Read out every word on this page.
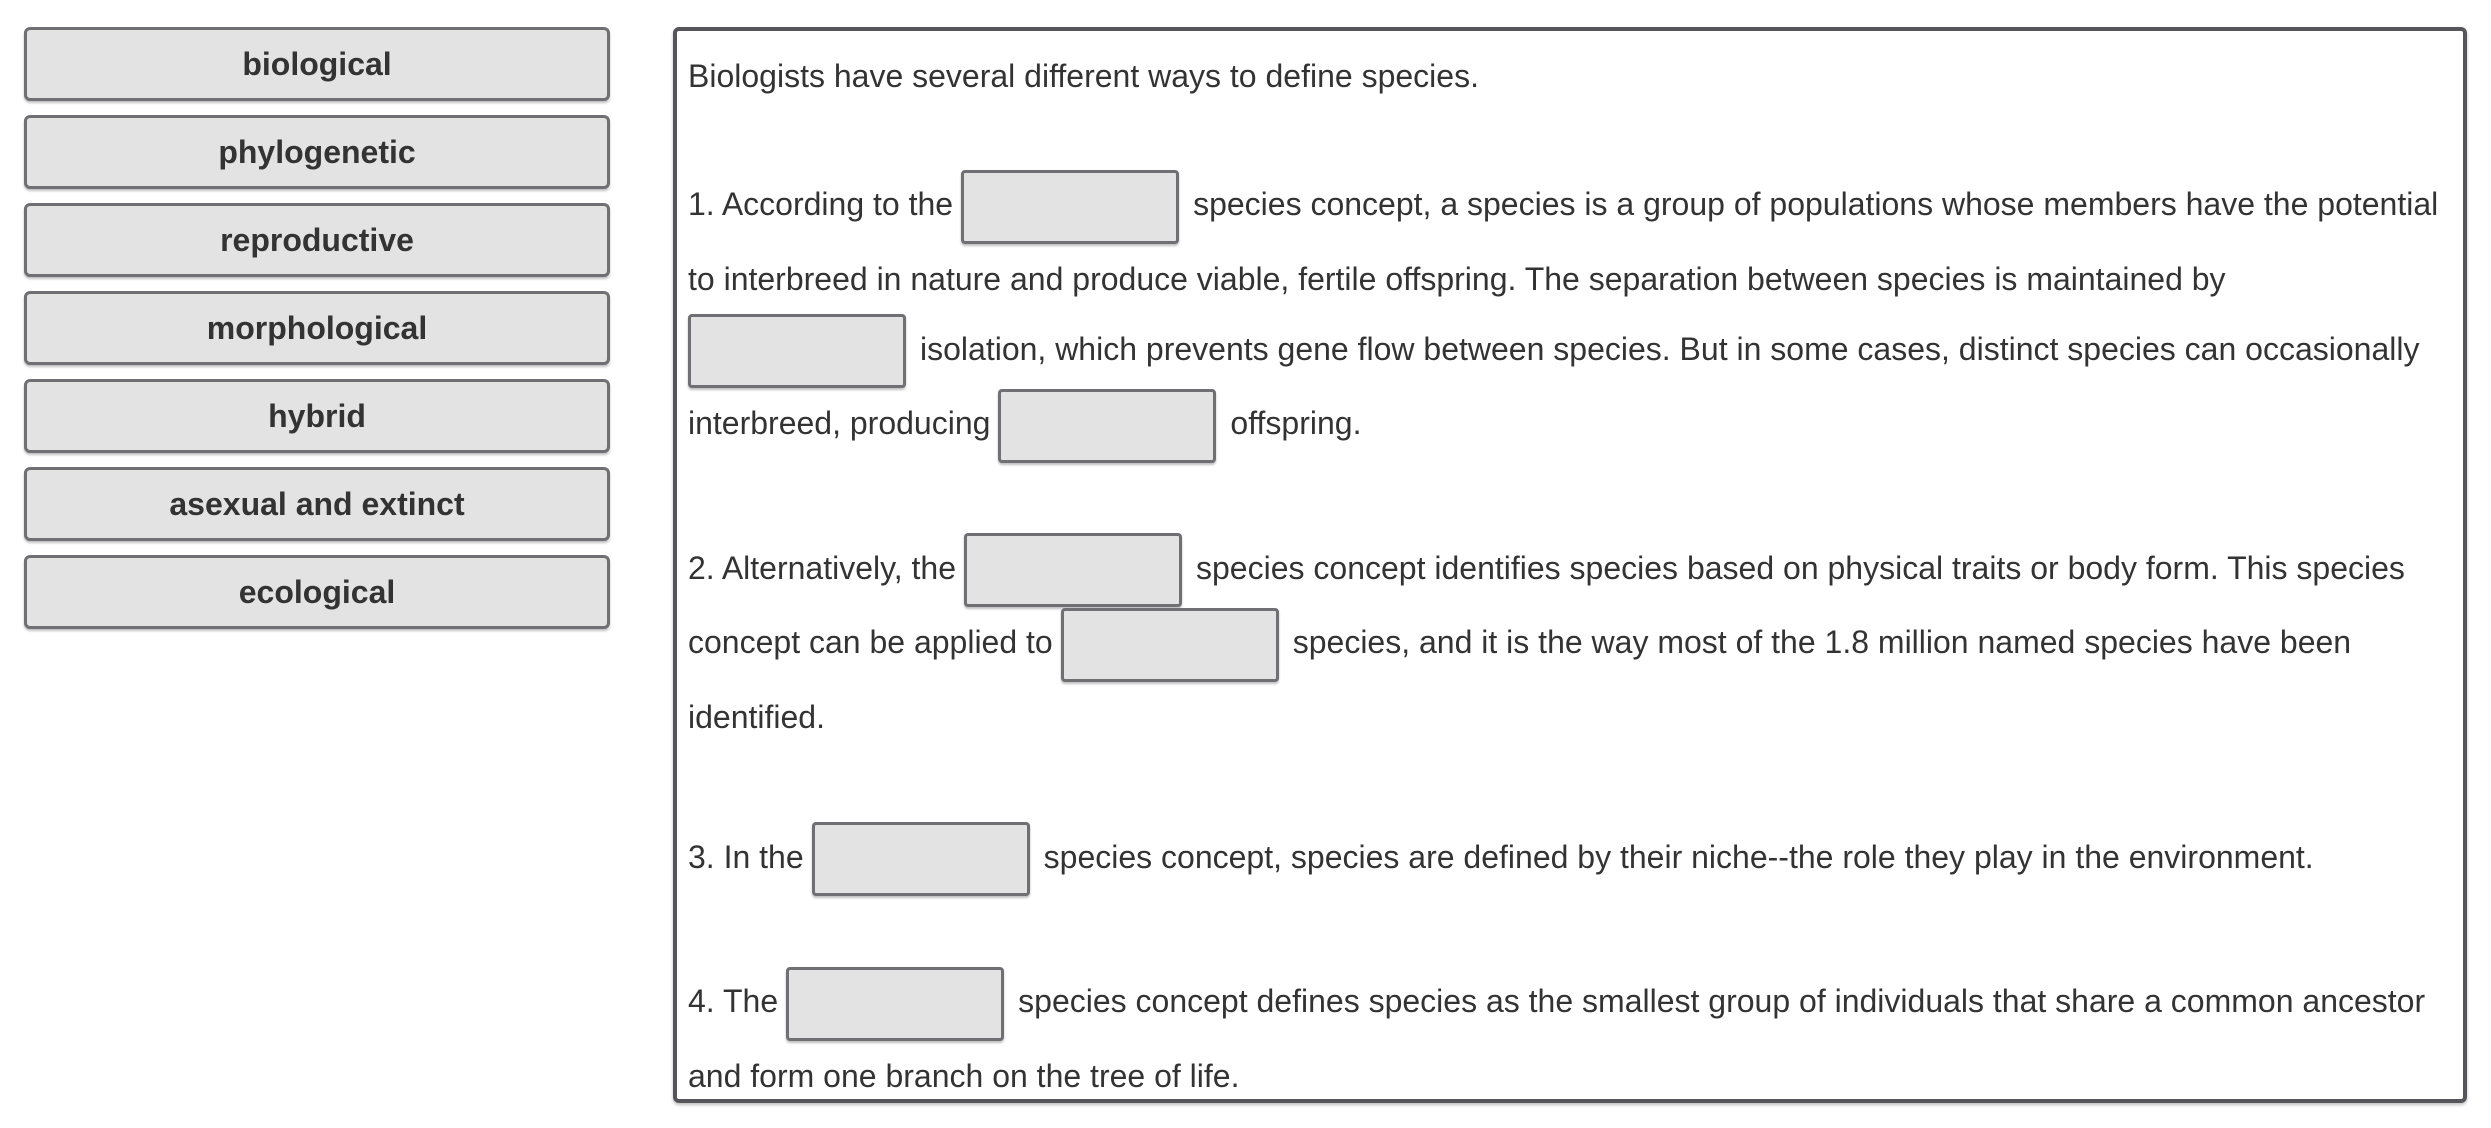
biological
phylogenetic
reproductive
morphological
hybrid
asexual and extinct
ecological
Biologists have several different ways to define species.
1. According to the	species concept, a species is a group of populations whose members have the potential to interbreed in nature and produce viable, fertile offspring. The separation between species is maintained by
isolation, which prevents gene flow between species. But in some cases, distinct species can occasionally interbreed, producing	offspring.
2. Alternatively, the	species concept identifies species based on physical traits or body form. This species concept can be applied to	species, and it is the way most of the 1.8 million named species have been identified.
3. In the	species concept, species are defined by their niche--the role they play in the environment.
4. The	species concept defines species as the smallest group of individuals that share a common ancestor and form one branch on the tree of life.
